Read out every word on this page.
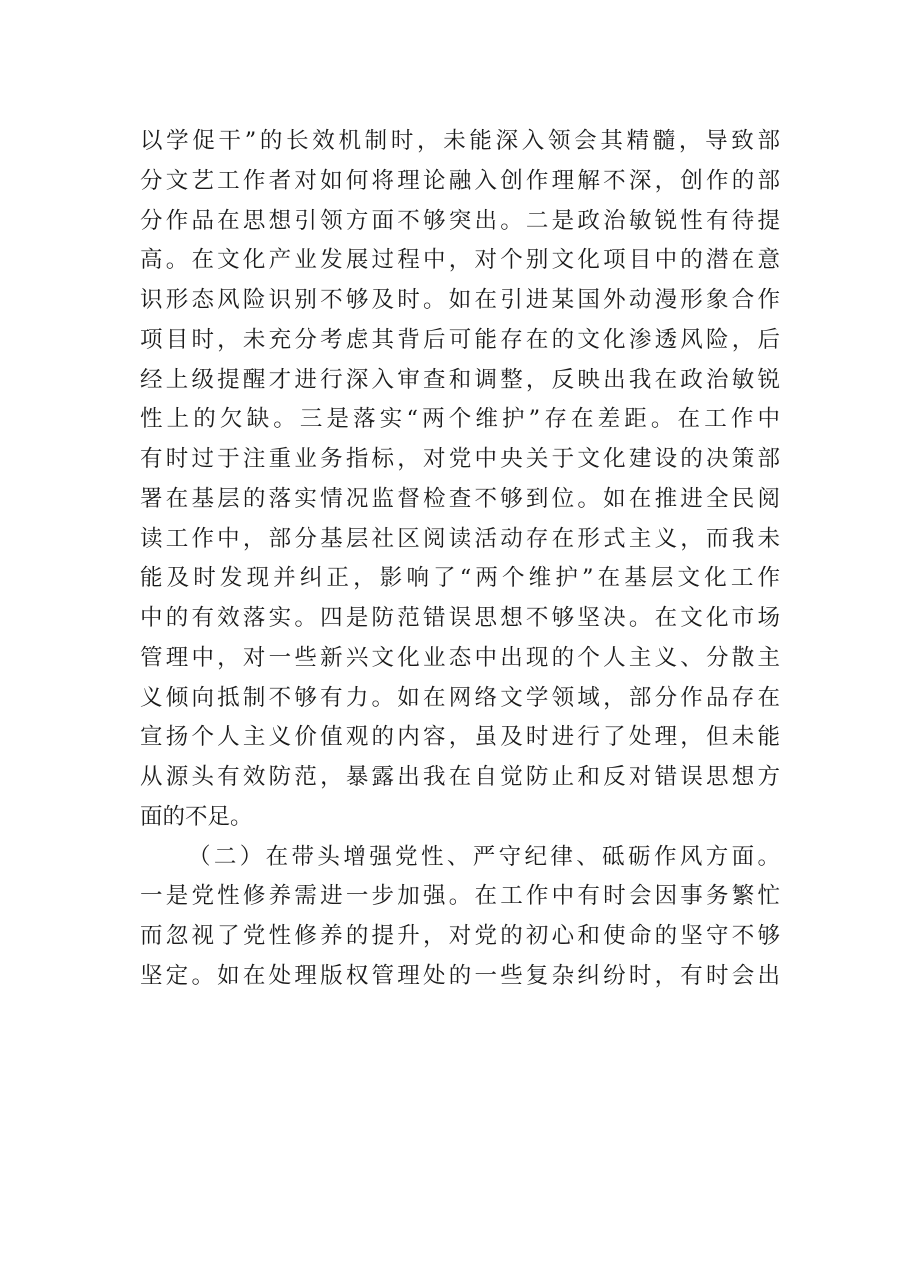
以学促干”的长效机制时，未能深入领会其精髓，导致部
分文艺工作者对如何将理论融入创作理解不深，创作的部
分作品在思想引领方面不够突出。二是政治敏锐性有待提
高。在文化产业发展过程中，对个别文化项目中的潜在意
识形态风险识别不够及时。如在引进某国外动漫形象合作
项目时，未充分考虑其背后可能存在的文化渗透风险，后
经上级提醒才进行深入审查和调整，反映出我在政治敏锐
性上的欠缺。三是落实“两个维护”存在差距。在工作中
有时过于注重业务指标，对党中央关于文化建设的决策部
署在基层的落实情况监督检查不够到位。如在推进全民阅
读工作中，部分基层社区阅读活动存在形式主义，而我未
能及时发现并纠正，影响了“两个维护”在基层文化工作
中的有效落实。四是防范错误思想不够坚决。在文化市场
管理中，对一些新兴文化业态中出现的个人主义、分散主
义倾向抵制不够有力。如在网络文学领域，部分作品存在
宣扬个人主义价值观的内容，虽及时进行了处理，但未能
从源头有效防范，暴露出我在自觉防止和反对错误思想方
面的不足。
（二）在带头增强党性、严守纪律、砥砺作风方面。
一是党性修养需进一步加强。在工作中有时会因事务繁忙
而忽视了党性修养的提升，对党的初心和使命的坚守不够
坚定。如在处理版权管理处的一些复杂纠纷时，有时会出
